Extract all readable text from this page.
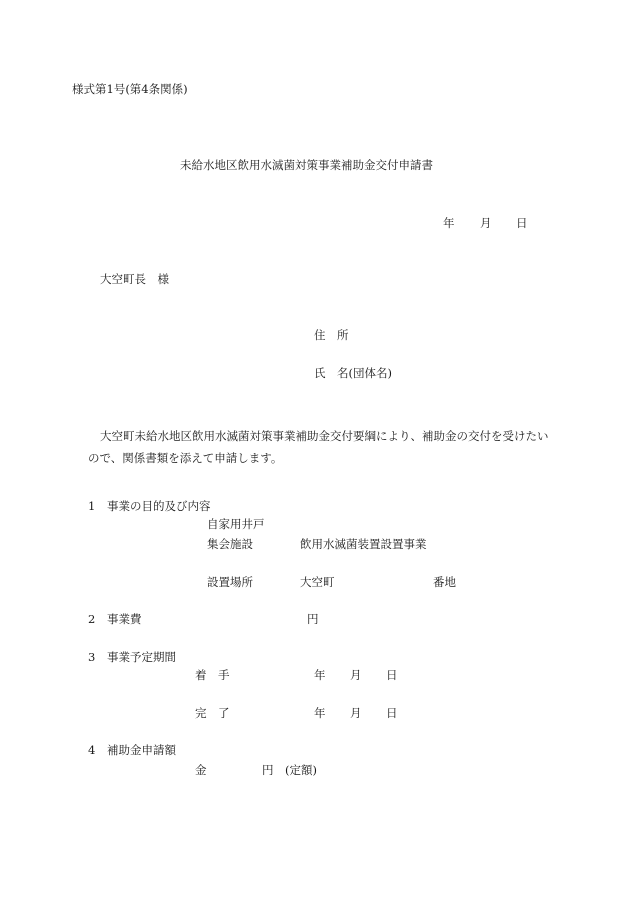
様式第1号(第4条関係)
未給水地区飲用水滅菌対策事業補助金交付申請書
年 月 日
大空町長　様
住　所
氏　名(団体名)
大空町未給水地区飲用水滅菌対策事業補助金交付要綱により、補助金の交付を受けたいので、関係書類を添えて申請します。
1 事業の目的及び内容
自家用井戸
集会施設	飲用水滅菌装置設置事業
設置場所	大空町	番地
2 事業費	円
3 事業予定期間
着　手	年 月 日
完　了	年 月 日
4 補助金申請額
金	円 (定額)
